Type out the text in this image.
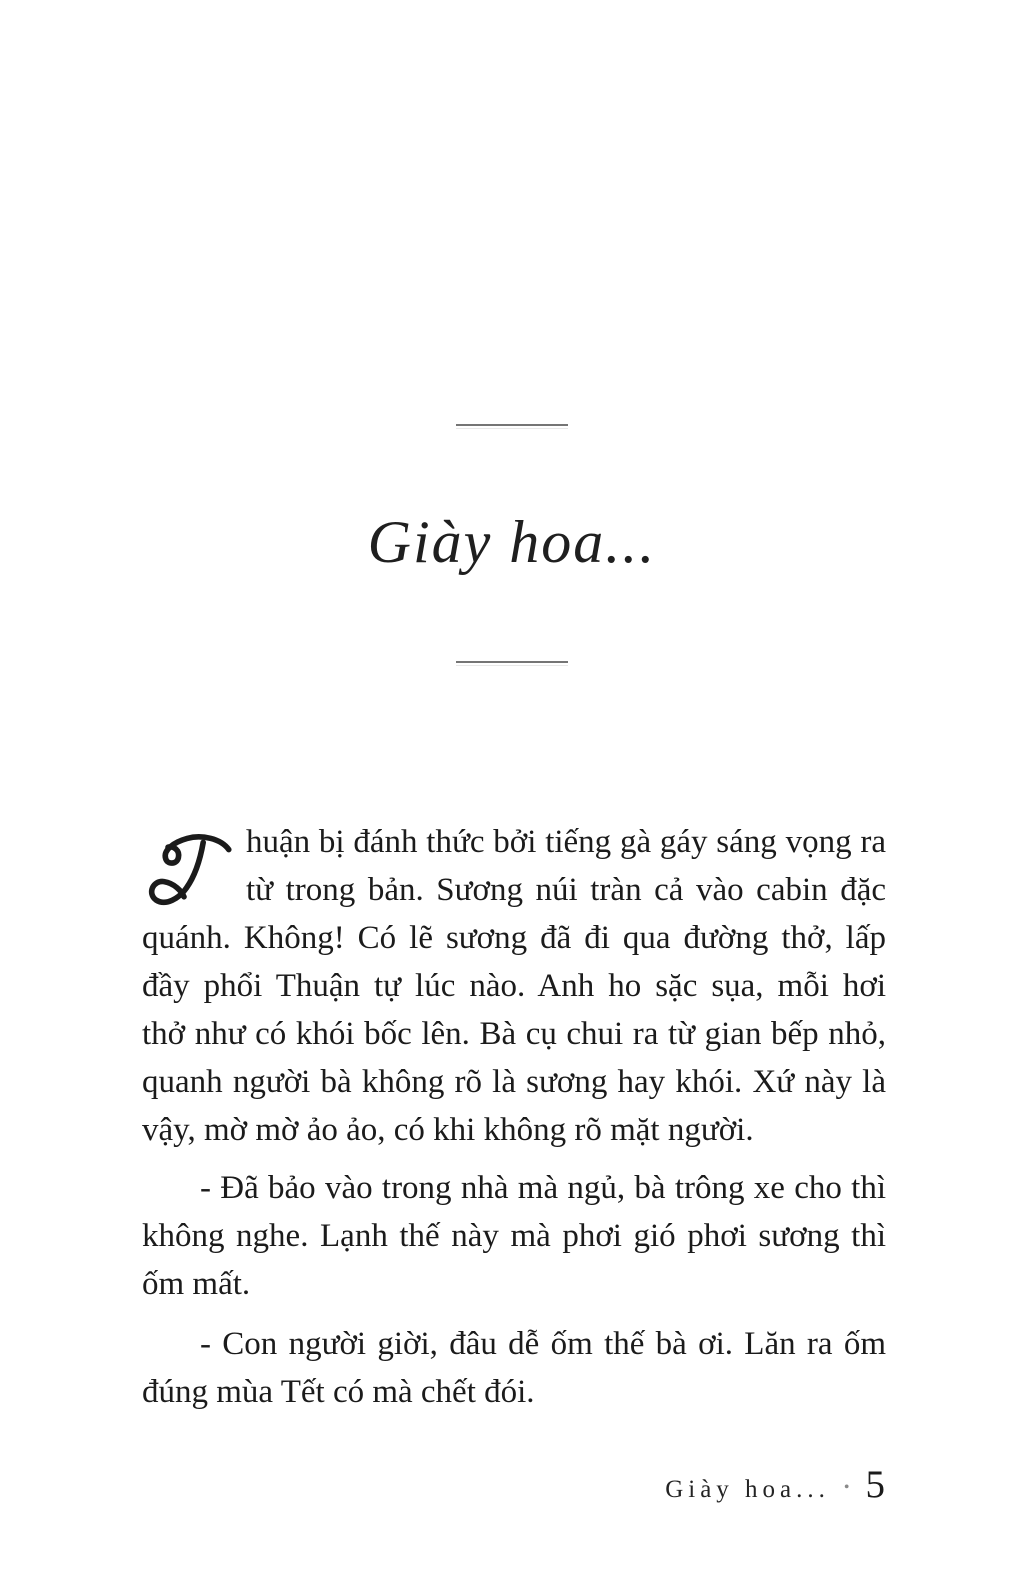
Giày hoa...
huận bị đánh thức bởi tiếng gà gáy sáng vọng ra
từ trong bản. Sương núi tràn cả vào cabin đặc
quánh. Không! Có lẽ sương đã đi qua đường thở, lấp
đầy phổi Thuận tự lúc nào. Anh ho sặc sụa, mỗi hơi
thở như có khói bốc lên. Bà cụ chui ra từ gian bếp nhỏ,
quanh người bà không rõ là sương hay khói. Xứ này là
vậy, mờ mờ ảo ảo, có khi không rõ mặt người.
- Đã bảo vào trong nhà mà ngủ, bà trông xe cho thì
không nghe. Lạnh thế này mà phơi gió phơi sương thì
ốm mất.
- Con người giời, đâu dễ ốm thế bà ơi. Lăn ra ốm
đúng mùa Tết có mà chết đói.
Giày hoa... • 5
